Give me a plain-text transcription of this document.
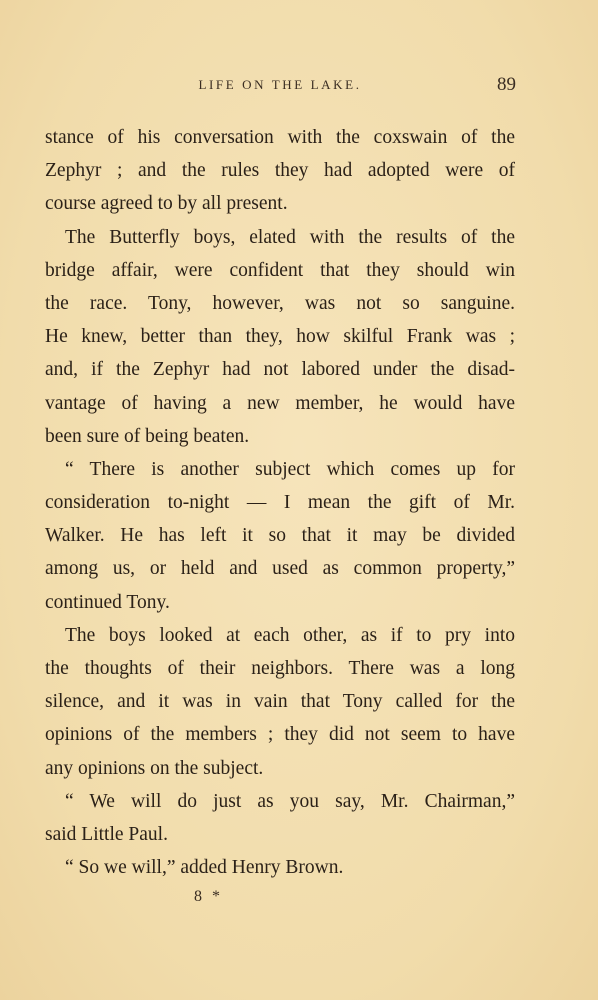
LIFE ON THE LAKE.	89
stance of his conversation with the coxswain of the
Zephyr ; and the rules they had adopted were of
course agreed to by all present.
The Butterfly boys, elated with the results of the
bridge affair, were confident that they should win
the race. Tony, however, was not so sanguine.
He knew, better than they, how skilful Frank was ;
and, if the Zephyr had not labored under the disad-
vantage of having a new member, he would have
been sure of being beaten.
“ There is another subject which comes up for
consideration to-night — I mean the gift of Mr.
Walker. He has left it so that it may be divided
among us, or held and used as common property,”
continued Tony.
The boys looked at each other, as if to pry into
the thoughts of their neighbors. There was a long
silence, and it was in vain that Tony called for the
opinions of the members ; they did not seem to have
any opinions on the subject.
“ We will do just as you say, Mr. Chairman,”
said Little Paul.
“ So we will,” added Henry Brown.
8 *
